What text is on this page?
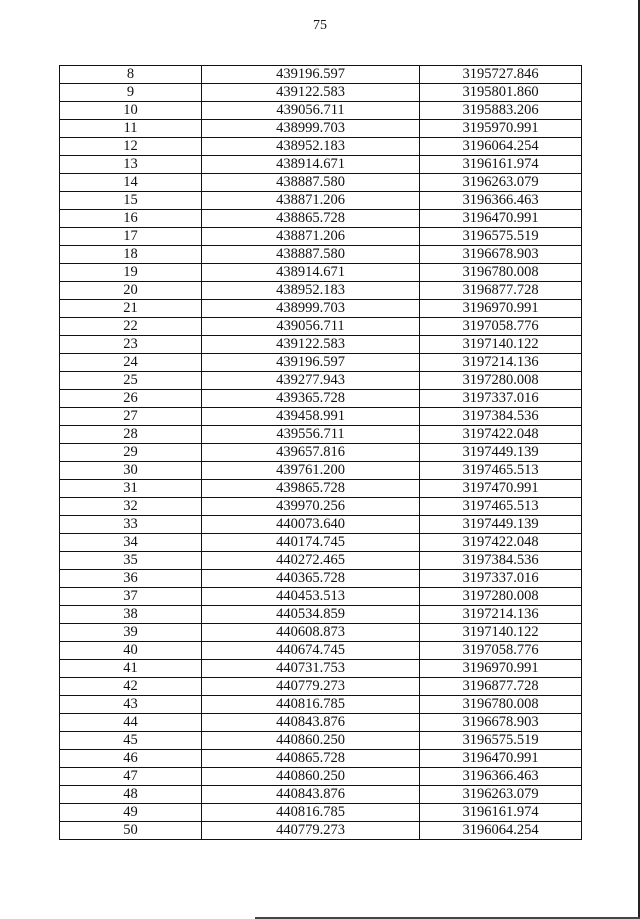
75
8	439196.597	3195727.846
9	439122.583	3195801.860
10	439056.711	3195883.206
11	438999.703	3195970.991
12	438952.183	3196064.254
13	438914.671	3196161.974
14	438887.580	3196263.079
15	438871.206	3196366.463
16	438865.728	3196470.991
17	438871.206	3196575.519
18	438887.580	3196678.903
19	438914.671	3196780.008
20	438952.183	3196877.728
21	438999.703	3196970.991
22	439056.711	3197058.776
23	439122.583	3197140.122
24	439196.597	3197214.136
25	439277.943	3197280.008
26	439365.728	3197337.016
27	439458.991	3197384.536
28	439556.711	3197422.048
29	439657.816	3197449.139
30	439761.200	3197465.513
31	439865.728	3197470.991
32	439970.256	3197465.513
33	440073.640	3197449.139
34	440174.745	3197422.048
35	440272.465	3197384.536
36	440365.728	3197337.016
37	440453.513	3197280.008
38	440534.859	3197214.136
39	440608.873	3197140.122
40	440674.745	3197058.776
41	440731.753	3196970.991
42	440779.273	3196877.728
43	440816.785	3196780.008
44	440843.876	3196678.903
45	440860.250	3196575.519
46	440865.728	3196470.991
47	440860.250	3196366.463
48	440843.876	3196263.079
49	440816.785	3196161.974
50	440779.273	3196064.254
